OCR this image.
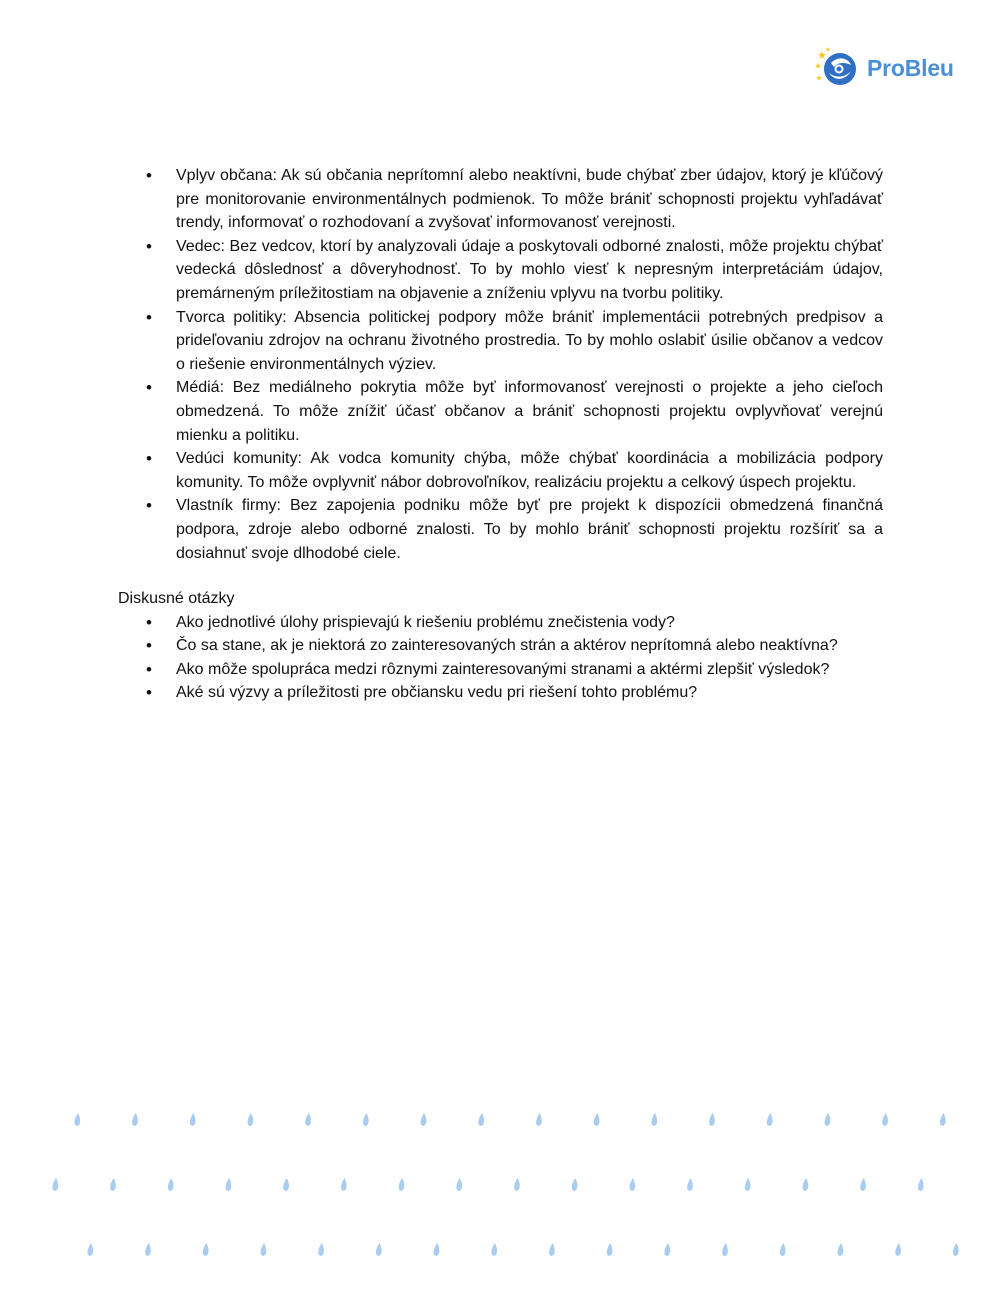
ProBleu
• Vplyv občana: Ak sú občania neprítomní alebo neaktívni, bude chýbať zber údajov, ktorý je kľúčový pre monitorovanie environmentálnych podmienok. To môže brániť schopnosti projektu vyhľadávať trendy, informovať o rozhodovaní a zvyšovať informovanosť verejnosti.
• Vedec: Bez vedcov, ktorí by analyzovali údaje a poskytovali odborné znalosti, môže projektu chýbať vedecká dôslednosť a dôveryhodnosť. To by mohlo viesť k nepresným interpretáciám údajov, premárneným príležitostiam na objavenie a zníženiu vplyvu na tvorbu politiky.
• Tvorca politiky: Absencia politickej podpory môže brániť implementácii potrebných predpisov a prideľovaniu zdrojov na ochranu životného prostredia. To by mohlo oslabiť úsilie občanov a vedcov o riešenie environmentálnych výziev.
• Médiá: Bez mediálneho pokrytia môže byť informovanosť verejnosti o projekte a jeho cieľoch obmedzená. To môže znížiť účasť občanov a brániť schopnosti projektu ovplyvňovať verejnú mienku a politiku.
• Vedúci komunity: Ak vodca komunity chýba, môže chýbať koordinácia a mobilizácia podpory komunity. To môže ovplyvniť nábor dobrovoľníkov, realizáciu projektu a celkový úspech projektu.
• Vlastník firmy: Bez zapojenia podniku môže byť pre projekt k dispozícii obmedzená finančná podpora, zdroje alebo odborné znalosti. To by mohlo brániť schopnosti projektu rozšíriť sa a dosiahnuť svoje dlhodobé ciele.
Diskusné otázky
• Ako jednotlivé úlohy prispievajú k riešeniu problému znečistenia vody?
• Čo sa stane, ak je niektorá zo zainteresovaných strán a aktérov neprítomná alebo neaktívna?
• Ako môže spolupráca medzi rôznymi zainteresovanými stranami a aktérmi zlepšiť výsledok?
• Aké sú výzvy a príležitosti pre občiansku vedu pri riešení tohto problému?
